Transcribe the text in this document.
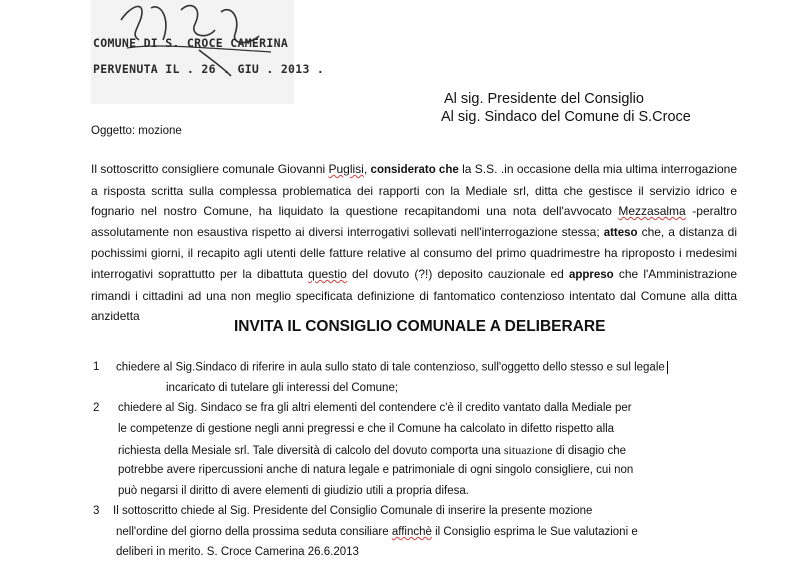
COMUNE DI S. CROCE CAMERINA
PERVENUTA IL . 26 . GIU . 2013 .
Al sig. Presidente del Consiglio
Al sig. Sindaco del Comune di S.Croce
Oggetto: mozione
Il sottoscritto consigliere comunale Giovanni Puglisi, considerato che la S.S. .in occasione della mia ultima interrogazione a risposta scritta sulla complessa problematica dei rapporti con la Mediale srl, ditta che gestisce il servizio idrico e fognario nel nostro Comune, ha liquidato la questione recapitandomi una nota dell'avvocato Mezzasalma -peraltro assolutamente non esaustiva rispetto ai diversi interrogativi sollevati nell'interrogazione stessa; atteso che, a distanza di pochissimi giorni, il recapito agli utenti delle fatture relative al consumo del primo quadrimestre ha riproposto i medesimi interrogativi soprattutto per la dibattuta questio del dovuto (?!) deposito cauzionale ed appreso che l'Amministrazione rimandi i cittadini ad una non meglio specificata definizione di fantomatico contenzioso intentato dal Comune alla ditta anzidetta
INVITA IL CONSIGLIO COMUNALE A DELIBERARE
1 chiedere al Sig.Sindaco di riferire in aula sullo stato di tale contenzioso, sull'oggetto dello stesso e sul legale
incaricato di tutelare gli interessi del Comune;
2 chiedere al Sig. Sindaco se fra gli altri elementi del contendere c'è il credito vantato dalla Mediale per
le competenze di gestione negli anni pregressi e che il Comune ha calcolato in difetto rispetto alla
richiesta della Mesiale srl. Tale diversità di calcolo del dovuto comporta una situazione di disagio che
potrebbe avere ripercussioni anche di natura legale e patrimoniale di ogni singolo consigliere, cui non
può negarsi il diritto di avere elementi di giudizio utili a propria difesa.
3 Il sottoscritto chiede al Sig. Presidente del Consiglio Comunale di inserire la presente mozione
nell'ordine del giorno della prossima seduta consiliare affinchè il Consiglio esprima le Sue valutazioni e
deliberi in merito. S. Croce Camerina 26.6.2013
